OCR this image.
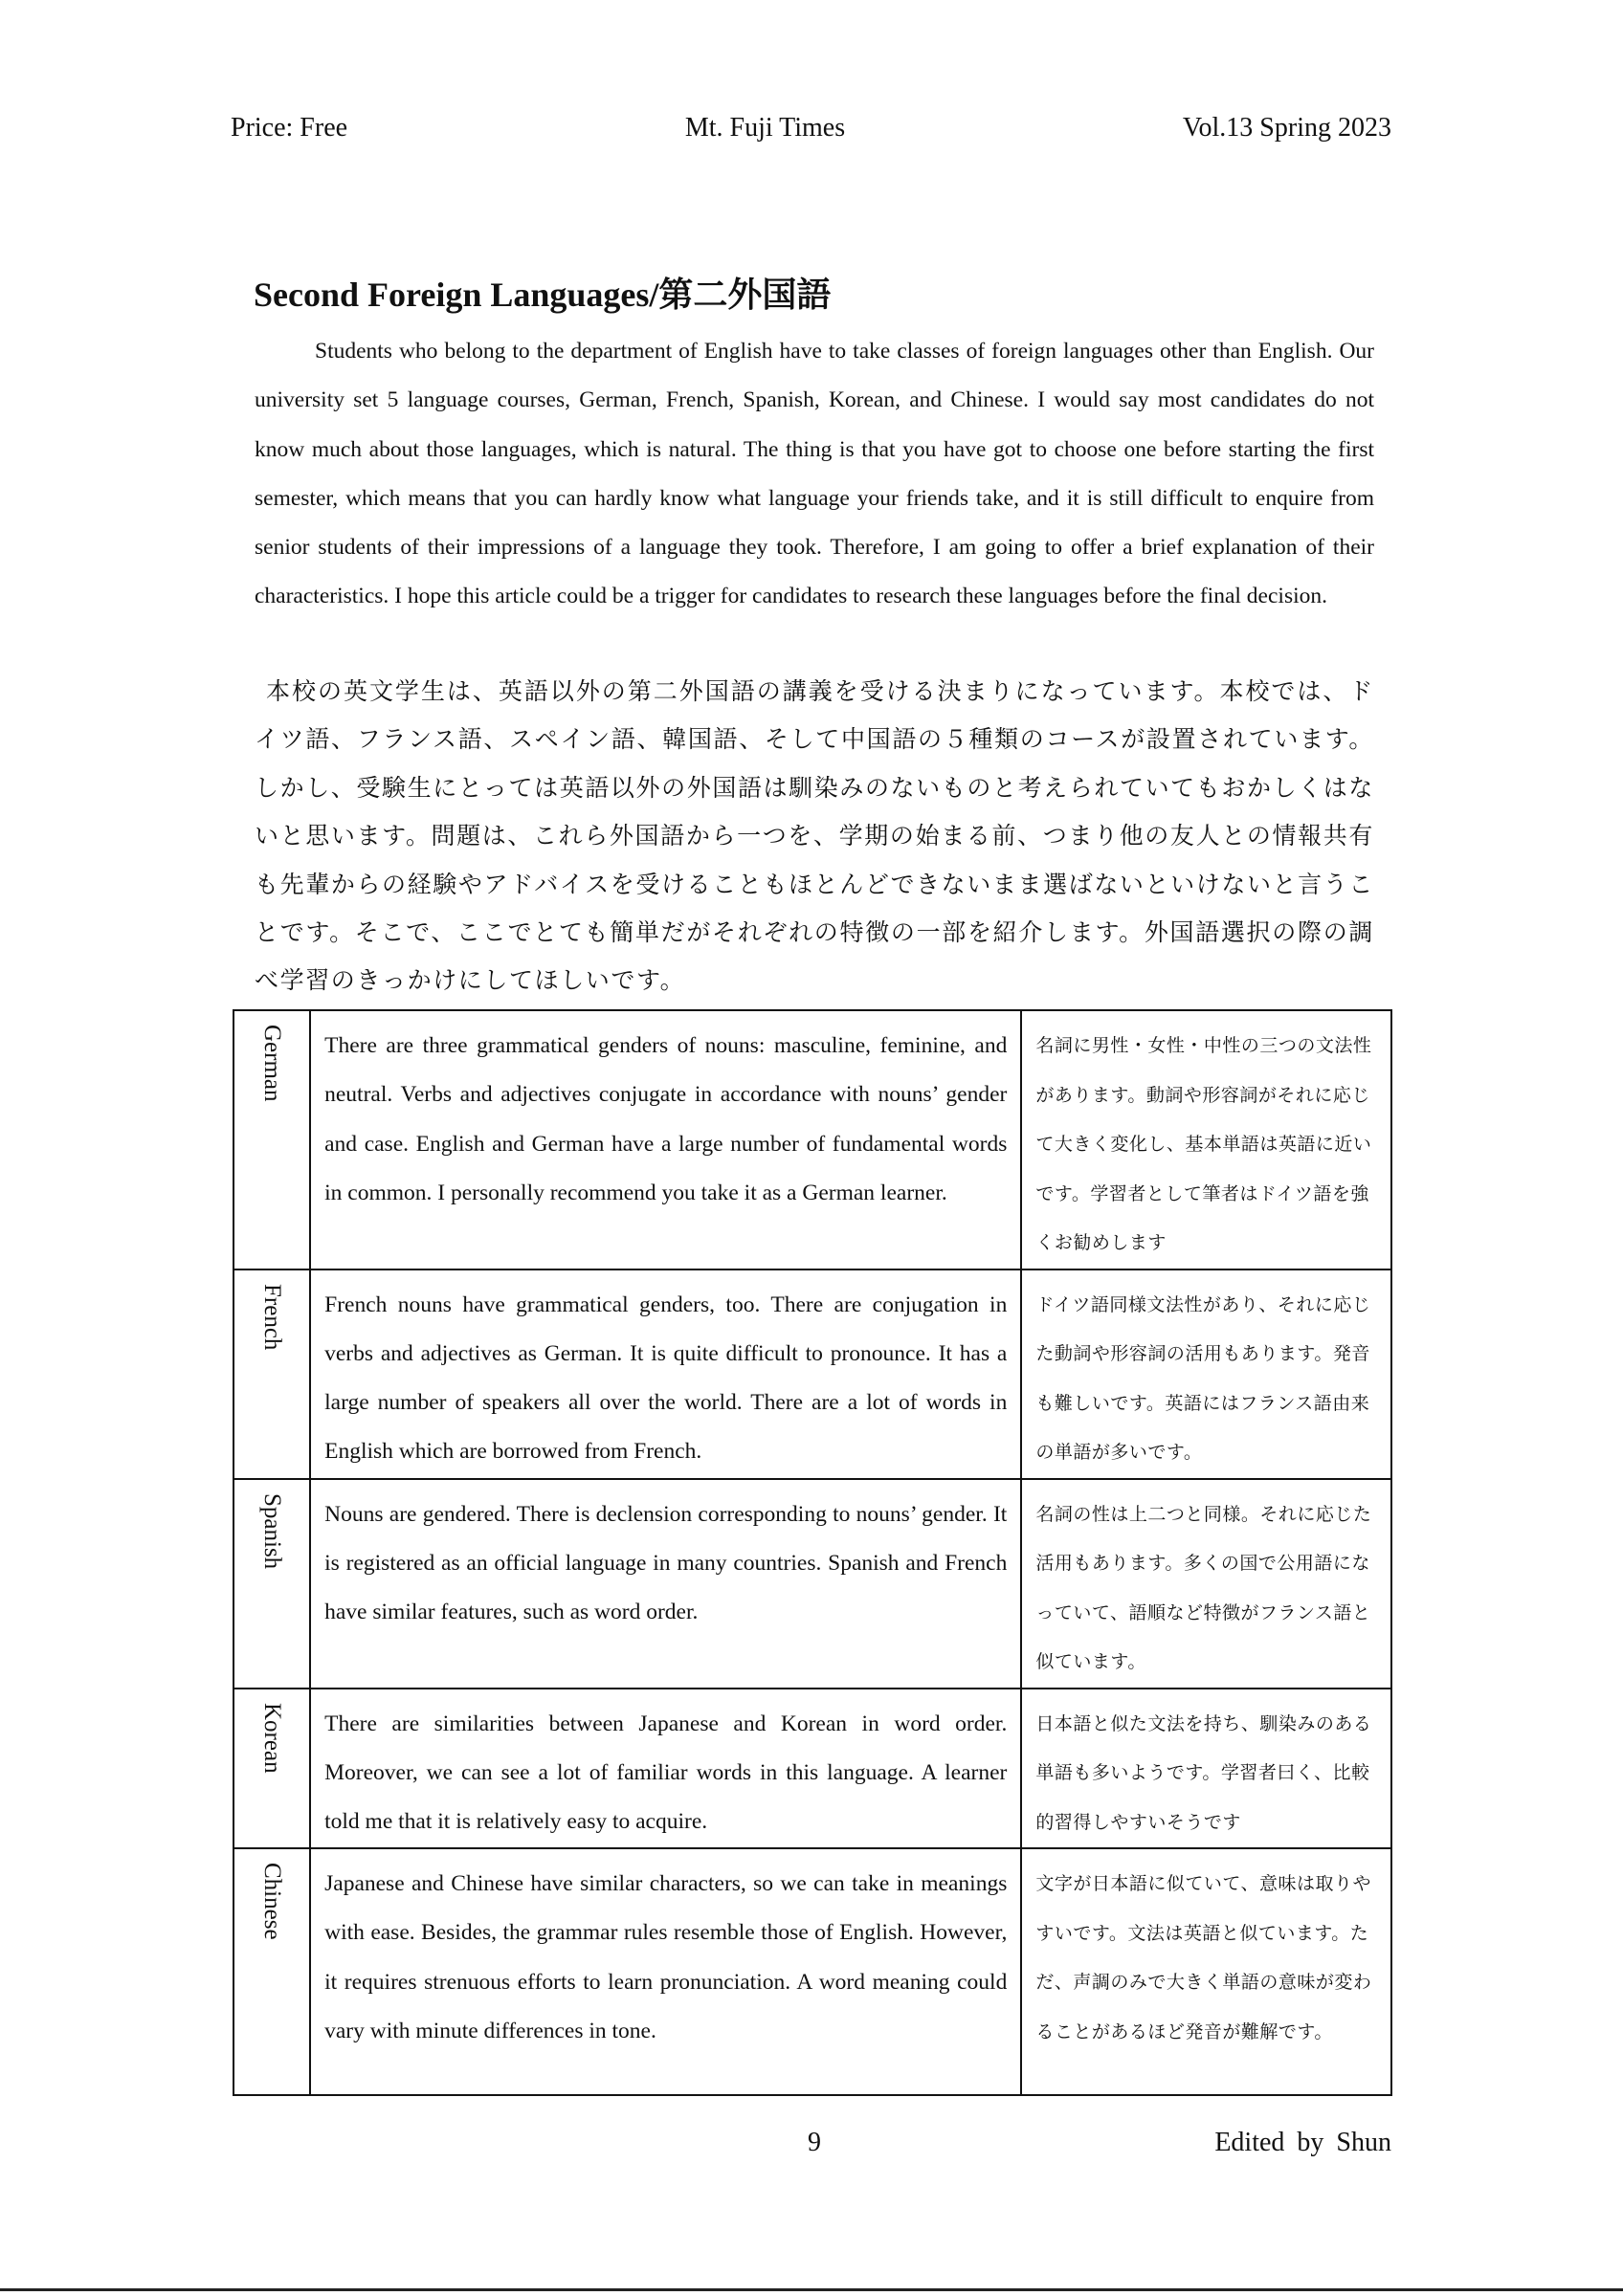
Price: Free	Mt. Fuji Times	Vol.13 Spring 2023
Second Foreign Languages/第二外国語

Students who belong to the department of English have to take classes of foreign languages other than English. Our university set 5 language courses, German, French, Spanish, Korean, and Chinese. I would say most candidates do not know much about those languages, which is natural. The thing is that you have got to choose one before starting the first semester, which means that you can hardly know what language your friends take, and it is still difficult to enquire from senior students of their impressions of a language they took. Therefore, I am going to offer a brief explanation of their characteristics. I hope this article could be a trigger for candidates to research these languages before the final decision.

本校の英文学生は、英語以外の第二外国語の講義を受ける決まりになっています。本校では、ドイツ語、フランス語、スペイン語、韓国語、そして中国語の５種類のコースが設置されています。しかし、受験生にとっては英語以外の外国語は馴染みのないものと考えられていてもおかしくはないと思います。問題は、これら外国語から一つを、学期の始まる前、つまり他の友人との情報共有も先輩からの経験やアドバイスを受けることもほとんどできないまま選ばないといけないと言うことです。そこで、ここでとても簡単だがそれぞれの特徴の一部を紹介します。外国語選択の際の調べ学習のきっかけにしてほしいです。

German	There are three grammatical genders of nouns: masculine, feminine, and neutral. Verbs and adjectives conjugate in accordance with nouns’ gender and case. English and German have a large number of fundamental words in common. I personally recommend you take it as a German learner.	名詞に男性・女性・中性の三つの文法性があります。動詞や形容詞がそれに応じて大きく変化し、基本単語は英語に近いです。学習者として筆者はドイツ語を強くお勧めします
French	French nouns have grammatical genders, too. There are conjugation in verbs and adjectives as German. It is quite difficult to pronounce. It has a large number of speakers all over the world. There are a lot of words in English which are borrowed from French.	ドイツ語同様文法性があり、それに応じた動詞や形容詞の活用もあります。発音も難しいです。英語にはフランス語由来の単語が多いです。
Spanish	Nouns are gendered. There is declension corresponding to nouns’ gender. It is registered as an official language in many countries. Spanish and French have similar features, such as word order.	名詞の性は上二つと同様。それに応じた活用もあります。多くの国で公用語になっていて、語順など特徴がフランス語と似ています。
Korean	There are similarities between Japanese and Korean in word order. Moreover, we can see a lot of familiar words in this language. A learner told me that it is relatively easy to acquire.	日本語と似た文法を持ち、馴染みのある単語も多いようです。学習者曰く、比較的習得しやすいそうです
Chinese	Japanese and Chinese have similar characters, so we can take in meanings with ease. Besides, the grammar rules resemble those of English. However, it requires strenuous efforts to learn pronunciation. A word meaning could vary with minute differences in tone.	文字が日本語に似ていて、意味は取りやすいです。文法は英語と似ています。ただ、声調のみで大きく単語の意味が変わることがあるほど発音が難解です。
9	Edited by Shun
